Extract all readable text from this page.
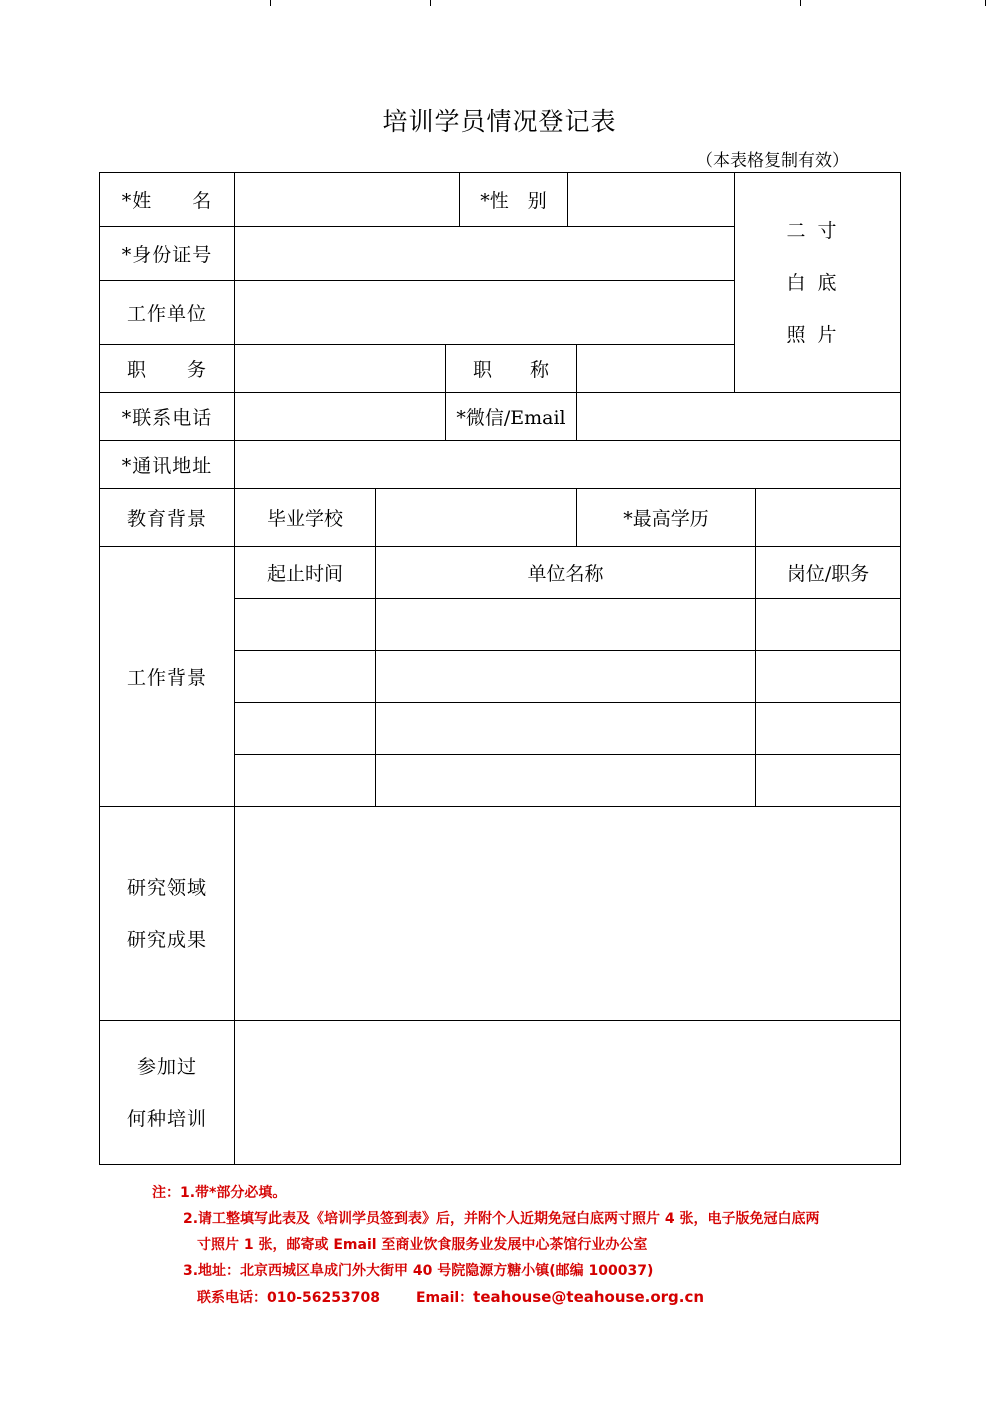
培训学员情况登记表
（本表格复制有效）
*姓　　名				*性　别			二寸
白底
照片	

*身份证号								
工作单位								
职　　务			职　　称					
*联系电话			*微信/Email					
*通讯地址								
教育背景	毕业学校					*最高学历		
工作背景	起止时间	单位名称						岗位/职务

研究领域
研究成果								

参加过
何种培训								

注：1.带*部分必填。
2.请工整填写此表及《培训学员签到表》后，并附个人近期免冠白底两寸照片 4 张，电子版免冠白底两
寸照片 1 张，邮寄或 Email 至商业饮食服务业发展中心茶馆行业办公室
3.地址：北京西城区阜成门外大街甲 40 号院隐源方糖小镇(邮编 100037)
联系电话：010-56253708	Email：teahouse@teahouse.org.cn
